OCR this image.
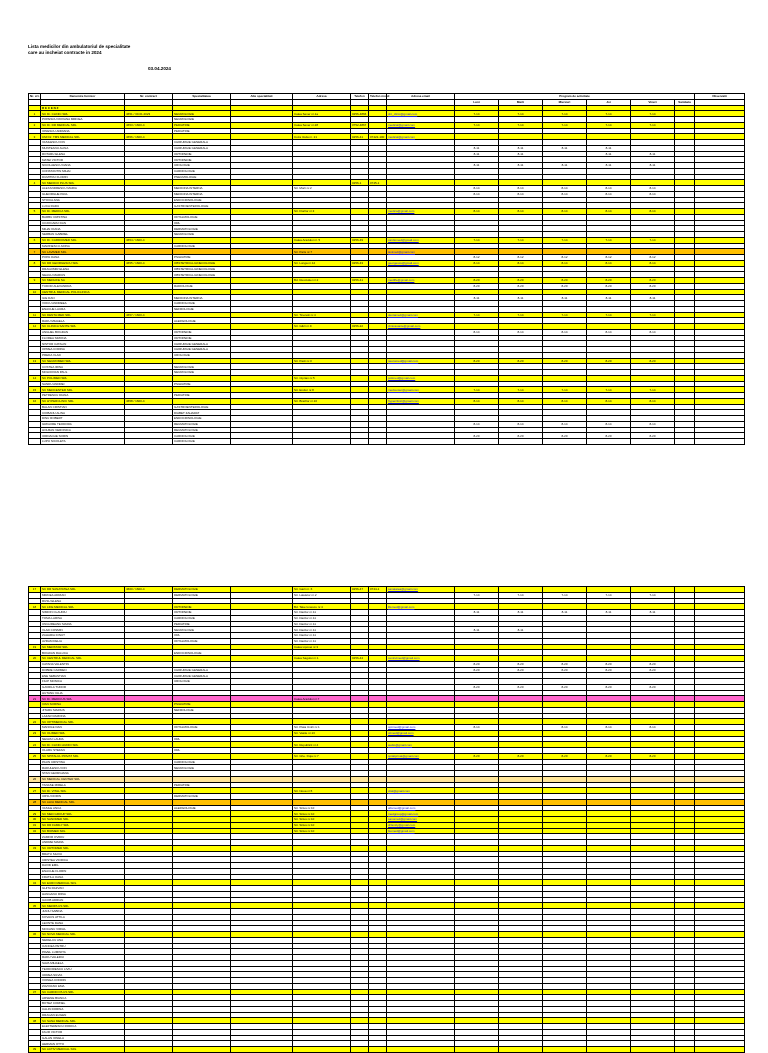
Lista medicilor din ambulatoriul de specialitate
care au incheiat contracte in 2024
03.04.2024
Nr. crt.	Denumire furnizor	Nr. contract	Specialitatea	Alte specialitati	Adresa	Telefon	Telefon mobil	Adresa email	Program de activitate						Observatii
									Luni	Marti	Miercuri	Joi	Vineri	Sambata	
	R E C E N Z														
1	SC Dr. CLINIC SRL	4651 / 30.01.2023	NEUROLOGIE		Calea Sever nr.1a	0256-4866		drc_clinic@gmail.com	7-14	7-14	7-14	7-14	7-14		
	POPESCU ROXANA MIRCEA		NEUROLOGIE												
2	SC Dr. DR MEDICAL SRL	4653 / 1600-4	PEDIATRIE		Calea Sever nr.28	0752-4867		medical@gmail.com	7-14	7-14	7-14	7-14	7-14		
	IONESCU ADRIANA		PEDIATRIE												
3	CMI Dr. TMS MEDICAL SRL	4656 / 1600-4			Cuza Voda nr. 21	0256-41	07422-100	medical@gmail.com							
	VASILESCU ION		CHIRURGIE GENERALA												
	MUNTEANU ALINA		CHIRURGIE GENERALA						8-11	8-11	8-11	8-11			
	ROTARU ELENA		ORTOPEDIE						8-11	8-11		8-11	8-11		
	MATEI VICTOR		ORTOPEDIE												
	NICOLAESCU DANA		UROLOGIE						8-11	8-11	8-11	8-11	8-11		
	CONSTANTIN MIHAI		CARDIOLOGIE												
	DUMITRU FLORIN		PNEUMOLOGIE												
4	SC MEDICO PLUS SRL					0256-1	0745-1								
	ALEXANDRESCU MARIA		MEDICINA INTERNA		Str. Morii nr.2				8-14	8-14	8-14	8-14	8-14		
	GHEORGHE PAUL		MEDICINA INTERNA						8-14	8-14	8-14	8-14	8-14		
	STOICA ANA		ENDOCRINOLOGIE												
	LUCA RADU		GASTROENTEROLOGIE												
5	SC Dr. MEDICA SRL				Str. Florilor nr.3			medica@gmail.com	8-14	8-14	8-14	8-14	8-14		
	BARBU CRISTINA		OFTALMOLOGIE												
	COJOCARU DAN		ORL												
	MIHAI IOANA		DERMATOLOGIE												
	SERBAN GABRIEL		NEUROLOGIE												
6	SC Dr. CARDIOMED SRL	4654 / 1600-4			Calea Aradului nr. 5	0256-49		cardiomed@gmail.com	7-14	7-14	7-14	7-14	7-14		
	MARINESCU ADINA		CARDIOLOGIE												
7	SC LAVIMED SRL				Str. Paris nr.7			lavimed@gmail.com							
	POPA OANA		PSIHIATRIE						8-12	8-12	8-12	8-12	8-12		
8	SC DR GEORGESCU SRL	4655 / 1600-4	OBSTETRICA-GINECOLOGIE		Str. Lunga nr.12	0256-43		georgescu@gmail.com	8-14	8-14	8-14	8-14	8-14		
	DRAGOMIR ELENA		OBSTETRICA-GINECOLOGIE												
	NEAGU MARIUS		OBSTETRICA-GINECOLOGIE												
9	SC MEDLIFE SA				Bd. Revolutiei nr.2	0256-41		medlife@gmail.com	8-20	8-20	8-20	8-20	8-20		
	TUDOR ALEXANDRA		RADIOLOGIE						8-20	8-20	8-20	8-20	8-20		
10	CENTRUL MEDICAL POLICLINICA														
	ILIE DAN		MEDICINA INTERNA						8-11	8-11	8-11	8-11	8-11		
	VOICU ANDREEA		CARDIOLOGIE												
	ENACHE LAURA		NEFROLOGIE												
11	SC DENTA MED SRL	4657 / 1600-4			Str. Tineretii nr.4			dentamed@gmail.com	7-14	7-14	7-14	7-14	7-14		
	RADU MIHAELA		ALERGOLOGIE												
12	SC CLINICA SANTE SRL				Str. Gării nr.9	0256-22		clinicasante@gmail.com							
	ANGHEL BOGDAN		ORTOPEDIE						8-14	8-14	8-14	8-14	8-14		
	FLOREA SIMONA		ORTOPEDIE												
	NISTOR CATALIN		CHIRURGIE GENERALA												
	OPREA CORINA		CHIRURGIE GENERALA												
	PREDA VLAD		UROLOGIE												
13	SC NEUROMED SRL				Str. Pacii nr.3			neuromed@gmail.com	8-20	8-20	8-20	8-20	8-20		
	COSTEA IRINA		NEUROLOGIE												
	MOLDOVAN PAUL		NEUROLOGIE												
14	SC POLIMED SRL				Str. Ciprian nr.5			polimed@gmail.com							
	SANDU ANDREI		PSIHIATRIE												
15	SC MEDCENTER SRL				Str. Eroilor nr.8			medcenter@gmail.com	7-14	7-14	7-14	7-14	7-14		
	PETRESCU DIANA		PEDIATRIE												
16	SC HYPERCLINIC SRL	4658 / 1600-4			Str. Brazilor nr.10			hyperclinic@gmail.com	8-14	8-14	8-14	8-14	8-14		
	BALAN CRISTIAN		GASTROENTEROLOGIE												
	CIOBANU ALINA		DIABET ZAHARAT												
	DINU ROBERT		ENDOCRINOLOGIE												
	GRIGORE TEODORA		REUMATOLOGIE						8-14	8-14	8-14	8-14	8-14		
	HOLBAN VERONICA		REUMATOLOGIE												
	IORDACHE SORIN		CARDIOLOGIE						8-20	8-20	8-20	8-20	8-20		
	LUPU NICOLETA		CARDIOLOGIE												
17	SC DR SANATATEA SRL	4660 / 1600-4	DERMATOLOGIE		Str. Garii nr. 6	0256-47	0744-1	sanatatea@gmail.com							
	MIRCEA ADRIAN		DERMATOLOGIE		Str. Lalelelor nr.2				7-14	7-14	7-14	7-14	7-14		
	RUSU ELENA														
18	SC LIFE MEDICAL SRL		ORTOPEDIE		Bd. Take Ionescu nr.4			lifemed@gmail.com							
	SIMION CLAUDIU		ORTOPEDIE		Str. Dacilor nr.11				8-11	8-11	8-11	8-11	8-11		
	TOMA LARISA		CARDIOLOGIE		Str. Dacilor nr.11										
	UNGUREANU MARIA		PEDIATRIE		Str. Dacilor nr.11										
	VLAD COSMIN		NEUROLOGIE		Str. Dacilor nr.11				8-11	8-11					
	ZAHARIA IONUT		ORL		Str. Dacilor nr.11										
	AVRAM DELIA		OFTALMOLOGIE		Str. Dacilor nr.11										
19	SC MEDSTAR SRL				Calea Lipovei nr.3										
	BOGDAN RALUCA		ENDOCRINOLOGIE												
20	SC CENTRUL MEDICAL SRL				Calea Sagului nr.1	0256-44		centrulmed@gmail.com							
	CATANA VALENTIN								8-20	8-20	8-20	8-20	8-20		
	DOBRE CARMEN		CHIRURGIE GENERALA						8-20	8-20	8-20	8-20	8-20		
	ENE SEBASTIAN		CHIRURGIE GENERALA												
	FILIP MONICA		UROLOGIE												
	GAVRILA TUDOR								8-20	8-20	8-20	8-20	8-20		
	HUTANU IULIA														
21	SC Dr. MEDICUS SRL				Calea Aradului nr.7										
	IVAN SORINA		PSIHIATRIE												
	JITARU MARIUS		NEFROLOGIE												
	LAZAR RAMONA														
22	SC OPTIMEDICAL SRL														
	MANOLE DAN		OFTALMOLOGIE		Str. Piata Unirii nr.1			optimed@gmail.com	8-14		8-14	8-14	8-14		
23	SC OLIMED SRL				Str. Vasile nr.13			olimed@gmail.com							
	NEGRU LAURA		ORL												
24	SC Dr. CLINIC AUDIO SRL				Str. Republicii nr.4			audio@gmail.com							
	OLARU STEFAN		ORL												
25	SC SPITALUL PRIVAT SRL				Str. Ghe. Doja nr.7			spitalprivat@gmail.com	8-20	8-20	8-20	8-20	8-20		
	PAUN CRISTINA		CARDIOLOGIE												
	RADULESCU ION		NEUROLOGIE												
	STAN GEORGIANA														
26	SC MEDICAL CENTER SRL														
	TANASE MIRELA		PEDIATRIE												
27	SC Dr. VITAL SRL				Str. Noua nr.5			vital@gmail.com							
	URSU DORIN		DERMATOLOGIE												
28	SC ALFA MEDICAL SRL														
	VASILE ANCA		ALERGOLOGIE		Str. Sirius nr.10			alfamed@gmail.com							
29	SC MED GROUP SRL				Str. Sirius nr.10			medgroup@gmail.com							
30	SC SANOMED SRL				Str. Sirius nr.10			sanomed@gmail.com							
31	SC DR FAMILY SRL				Str. Sirius nr.10			drfamily@gmail.com							
32	SC BIOMED SRL				Str. Sirius nr.10			biomed@gmail.com							
	ZAMFIR OVIDIU														
	ANDREI MARIA														
33	SC ORTOMED SRL														
	BRATU SILVIU														
	CRISTEA VIORICA														
	DAVID EMIL														
	ENACHE FLORIN														
	FRATILA OANA														
34	SC EURO MEDICAL SRL														
	GHITA RAZVAN														
	HANGANU IRINA														
	IACOB ADRIAN														
35	SC MEDIPLUS SRL														
	JIANU SABINA														
	KOVACS ATTILA														
	LEONTE DANA														
	MOCANU VIRGIL														
36	SC NOVA MEDICAL SRL														
	NEDELCU ANA														
	OANCEA PETRU														
	PAVEL LUMINITA														
	RADU VALERIU														
	SAVA MIHAELA														
	TEODORESCU LIVIU														
	UDREA SILVIA														
	VOINEA CODRIN														
	ZAVOIANU EMA														
37	SC CARDIO PLUS SRL														
	ARSENE BIANCA														
	BOTEZ CORNEL														
	CALIN DORINA														
	DRAGAN EUGEN														
38	SC SANA MEDICAL SRL														
	ELEFTERESCU RODICA														
	FAUR VICTOR														
	GALAN IONELA														
	HERMAN OTTO														
39	SC ACTIV MEDICAL SRL														
